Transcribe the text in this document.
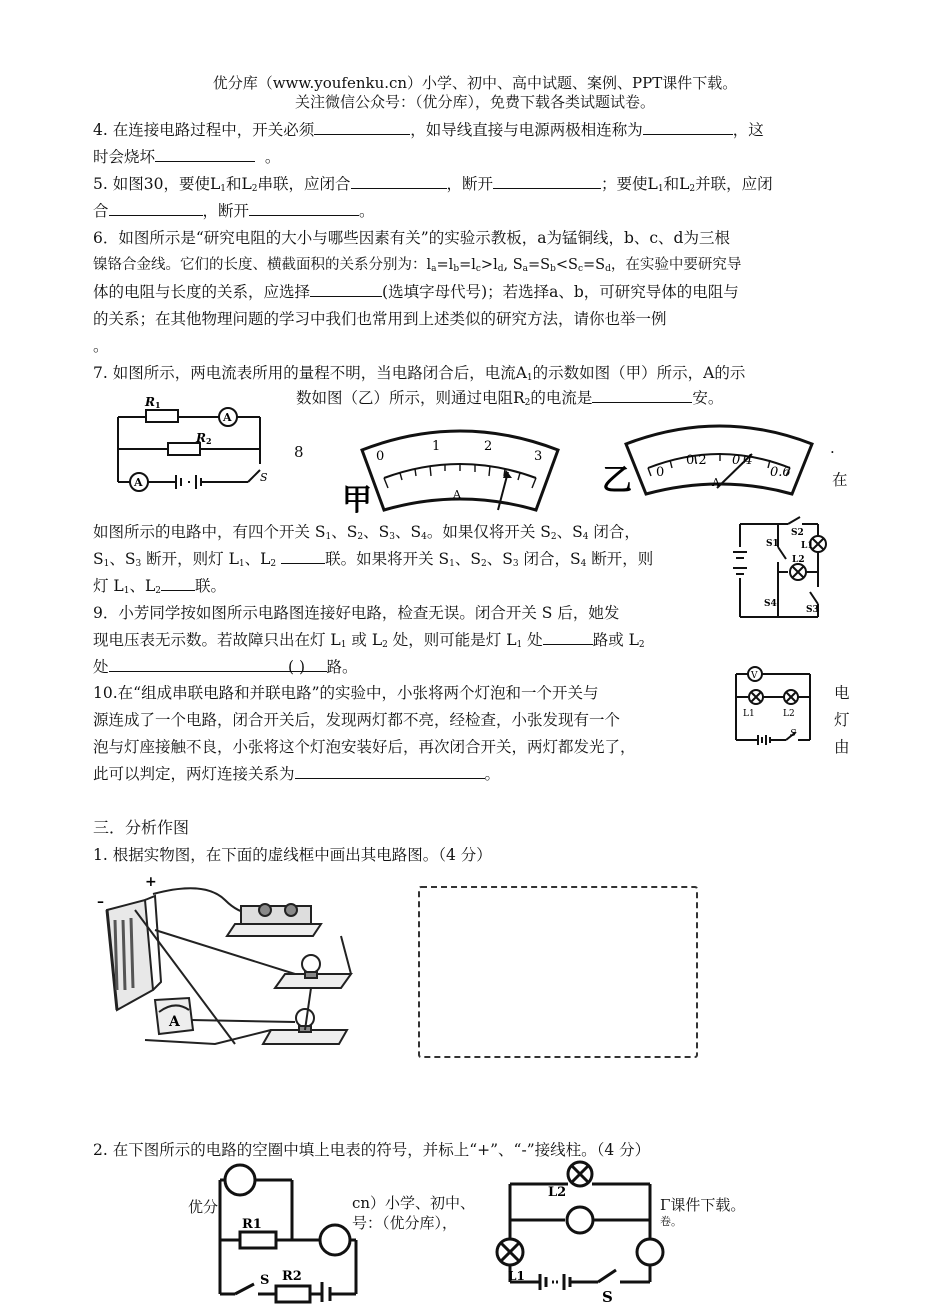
优分库（www.youfenku.cn）小学、初中、高中试题、案例、PPT课件下载。
关注微信公众号：（优分库），免费下载各类试题试卷。
4. 在连接电路过程中，开关必须	，如导线直接与电源两极相连称为	，这
时会烧坏	。
5. 如图30，要使$L_1$和$L_2$串联，应闭合	，断开	；要使$L_1$和$L_2$并联，应闭
合	，断开	。
6．如图所示是“研究电阻的大小与哪些因素有关”的实验示教板，a为锰铜线，b、c、d为三根
镍铬合金线。它们的长度、横截面积的关系分别为：$l_a=l_b=l_c>l_d$, $S_a=S_b<S_c=S_d$，在实验中要研究导
体的电阻与长度的关系，应选择	(选填字母代号)；若选择a、b，可研究导体的电阻与
的关系；在其他物理问题的学习中我们也常用到上述类似的研究方法，请你也举一例
。
7. 如图所示，两电流表所用的量程不明，当电路闭合后，电流$A_1$的示数如图（甲）所示，A的示
数如图（乙）所示，则通过电阻$R_2$的电流是	安。
R 1
R 2
A
A	S
8	·
在
0
1	2
3
A
甲
0
0.2 0.4
0.6
A
乙
如图所示的电路中，有四个开关 $S_1$、$S_2$、$S_3$、$S_4$。如果仅将开关 $S_2$、$S_4$ 闭合，
$S_1$、$S_3$ 断开，则灯 $L_1$、$L_2$	联。如果将开关 $S_1$、$S_2$、$S_3$ 闭合，$S_4$ 断开，则
灯 $L_1$、$L_2$ 联。
S1
S2
S3
S4
L1
L2
9．小芳同学按如图所示电路图连接好电路，检查无误。闭合开关 S 后，她发
现电压表无示数。若故障只出在灯 $L_1$ 或 $L_2$ 处，则可能是灯 $L_1$ 处	路或 $L_2$
处	( ) 路。	V
L1	L2
S
10.在“组成串联电路和并联电路”的实验中，小张将两个灯泡和一个开关与	电
源连成了一个电路，闭合开关后，发现两灯都不亮，经检查，小张发现有一个	灯
泡与灯座接触不良，小张将这个灯泡安装好后，再次闭合开关，两灯都发光了，	由
此可以判定，两灯连接关系为	。
三．分析作图
1. 根据实物图，在下面的虚线框中画出其电路图。（4 分）
+
–
A
2. 在下图所示的电路的空圈中填上电表的符号，并标上“+”、“-”接线柱。（4 分）
优分	cn）小学、初中、
号：（优分库），
Γ课件下载。
卷。
R1
S R2
L2
L1
S
